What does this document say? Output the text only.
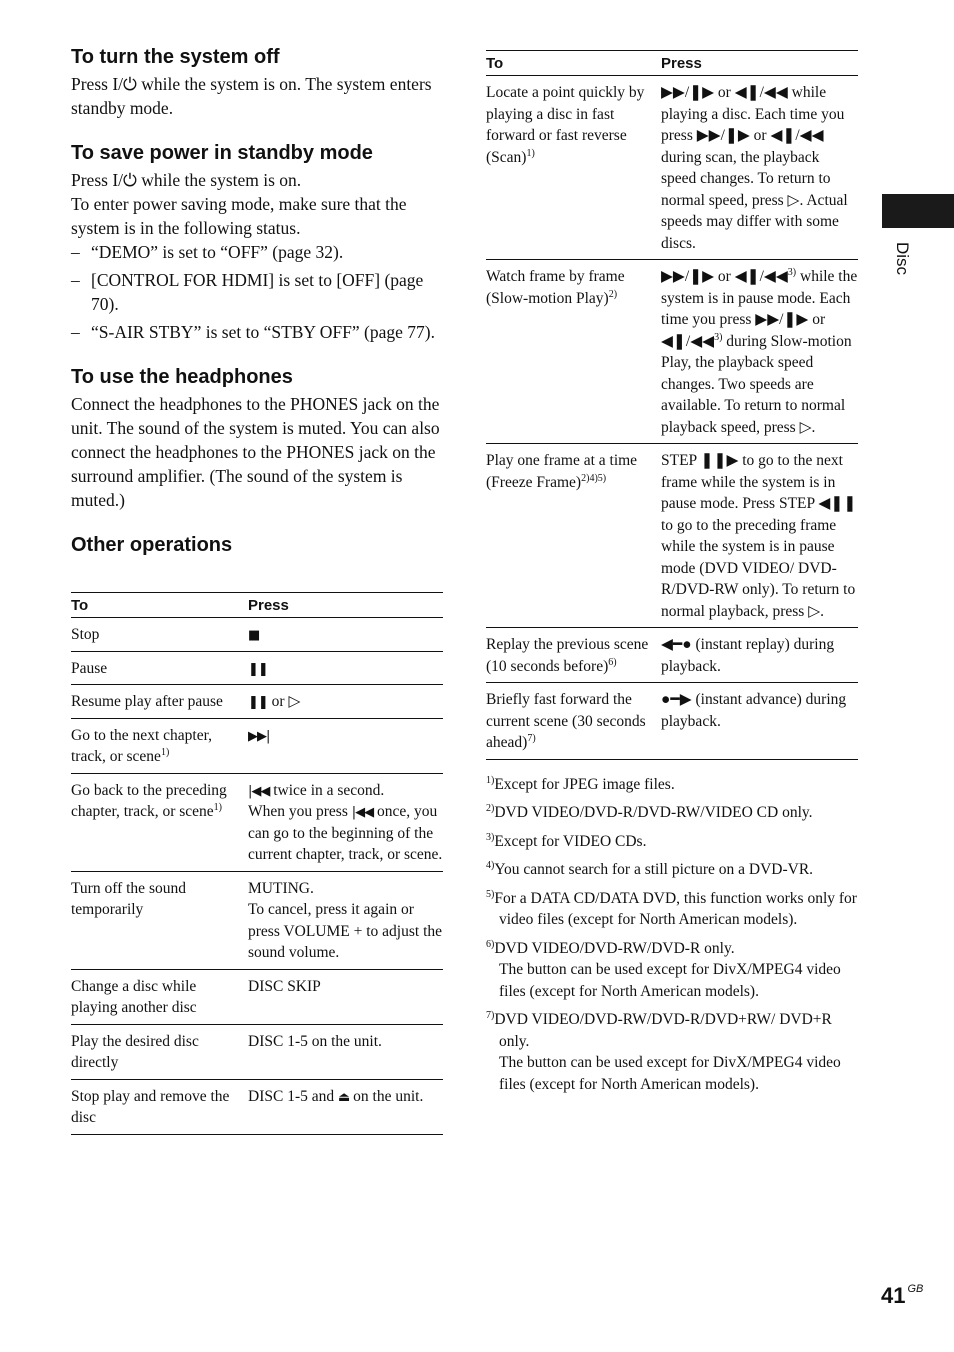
Disc
To turn the system off

Press I/⏻ while the system is on. The system enters standby mode.

To save power in standby mode

Press I/⏻ while the system is on.

To enter power saving mode, make sure that the system is in the following status.

– “DEMO” is set to “OFF” (page 32).
– [CONTROL FOR HDMI] is set to [OFF] (page 70).
– “S-AIR STBY” is set to “STBY OFF” (page 77).
To use the headphones

Connect the headphones to the PHONES jack on the unit. The sound of the system is muted. You can also connect the headphones to the PHONES jack on the surround amplifier. (The sound of the system is muted.)

Other operations
To	Press
Stop	■
Pause	❚❚
Resume play after pause	❚❚ or ▷
Go to the next chapter, track, or scene$^{1)}$	▶▶|
Go back to the preceding chapter, track, or scene$^{1)}$	|◀◀ twice in a second.
When you press |◀◀ once, you can go to the beginning of the current chapter, track, or scene.
Turn off the sound temporarily	MUTING.
To cancel, press it again or press VOLUME + to adjust the sound volume.
Change a disc while playing another disc	DISC SKIP
Play the desired disc directly	DISC 1-5 on the unit.
Stop play and remove the disc	DISC 1-5 and ⏏ on the unit.
To	Press
Locate a point quickly by playing a disc in fast forward or fast reverse (Scan)$^{1)}$	▶▶/❚▶ or ◀❚/◀◀ while playing a disc. Each time you press ▶▶/❚▶ or ◀❚/◀◀ during scan, the playback speed changes. To return to normal speed, press ▷. Actual speeds may differ with some discs.
Watch frame by frame (Slow-motion Play)$^{2)}$	▶▶/❚▶ or ◀❚/◀◀$^{3)}$ while the system is in pause mode. Each time you press ▶▶/❚▶ or ◀❚/◀◀$^{3)}$ during Slow-motion Play, the playback speed changes. Two speeds are available. To return to normal playback speed, press ▷.
Play one frame at a time (Freeze Frame)$^{2)4)5)}$	STEP ❚❚▶ to go to the next frame while the system is in pause mode. Press STEP ◀❚❚ to go to the preceding frame while the system is in pause mode (DVD VIDEO/ DVD-R/DVD-RW only). To return to normal playback, press ▷.
Replay the previous scene (10 seconds before)$^{6)}$	◀━● (instant replay) during playback.
Briefly fast forward the current scene (30 seconds ahead)$^{7)}$	●━▶ (instant advance) during playback.
$^{1)}$Except for JPEG image files.
$^{2)}$DVD VIDEO/DVD-R/DVD-RW/VIDEO CD only.
$^{3)}$Except for VIDEO CDs.
$^{4)}$You cannot search for a still picture on a DVD-VR.
$^{5)}$For a DATA CD/DATA DVD, this function works only for video files (except for North American models).
$^{6)}$DVD VIDEO/DVD-RW/DVD-R only.
The button can be used except for DivX/MPEG4 video files (except for North American models).
$^{7)}$DVD VIDEO/DVD-RW/DVD-R/DVD+RW/ DVD+R only.
The button can be used except for DivX/MPEG4 video files (except for North American models).
41 $^{GB}$
